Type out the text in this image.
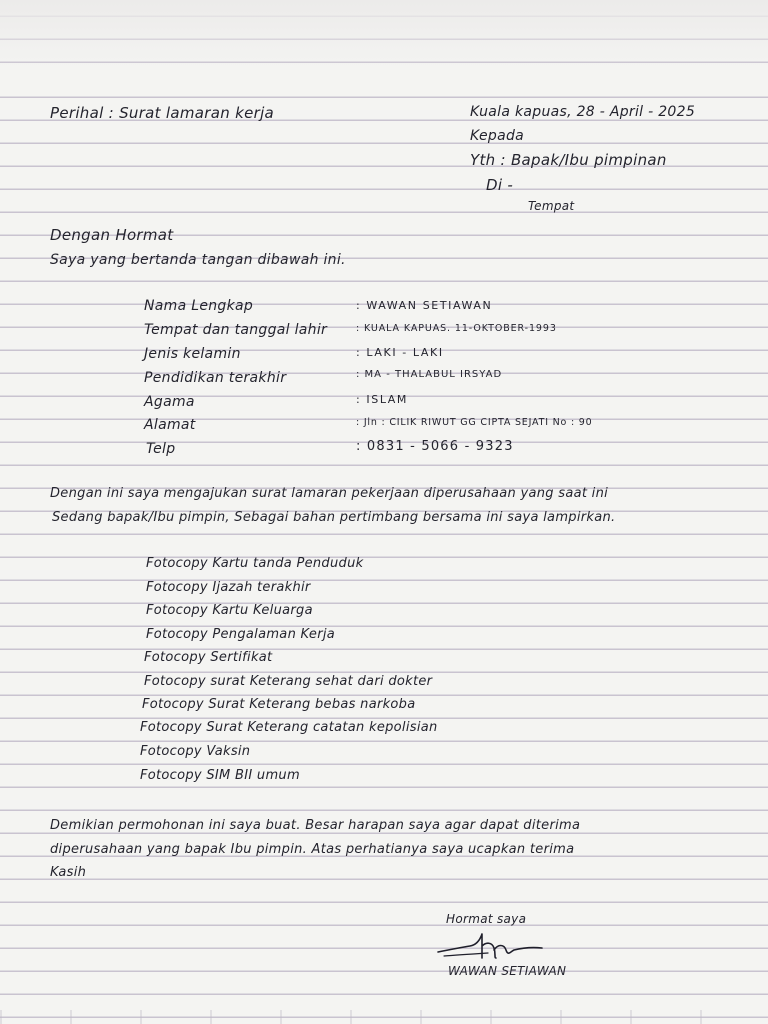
Perihal : Surat lamaran kerja	Kuala kapuas, 28 - April - 2025
Kepada
Yth : Bapak/Ibu pimpinan
Di -
Tempat
Dengan Hormat
Saya yang bertanda tangan dibawah ini.
Nama Lengkap	: WAWAN SETIAWAN
Tempat dan tanggal lahir	: KUALA KAPUAS. 11-OKTOBER-1993
Jenis kelamin	: LAKI - LAKI
Pendidikan terakhir	: MA - THALABUL IRSYAD
Agama	: ISLAM
Alamat	: Jln : CILIK RIWUT GG CIPTA SEJATI No : 90
Telp	: 0831 - 5066 - 9323
Dengan ini saya mengajukan surat lamaran pekerjaan diperusahaan yang saat ini
Sedang bapak/Ibu pimpin, Sebagai bahan pertimbang bersama ini saya lampirkan.
Fotocopy Kartu tanda Penduduk
Fotocopy Ijazah terakhir
Fotocopy Kartu Keluarga
Fotocopy Pengalaman Kerja
Fotocopy Sertifikat
Fotocopy surat Keterang sehat dari dokter
Fotocopy Surat Keterang bebas narkoba
Fotocopy Surat Keterang catatan kepolisian
Fotocopy Vaksin
Fotocopy SIM BII umum
Demikian permohonan ini saya buat. Besar harapan saya agar dapat diterima
diperusahaan yang bapak Ibu pimpin. Atas perhatianya saya ucapkan terima
Kasih
Hormat saya
WAWAN SETIAWAN
